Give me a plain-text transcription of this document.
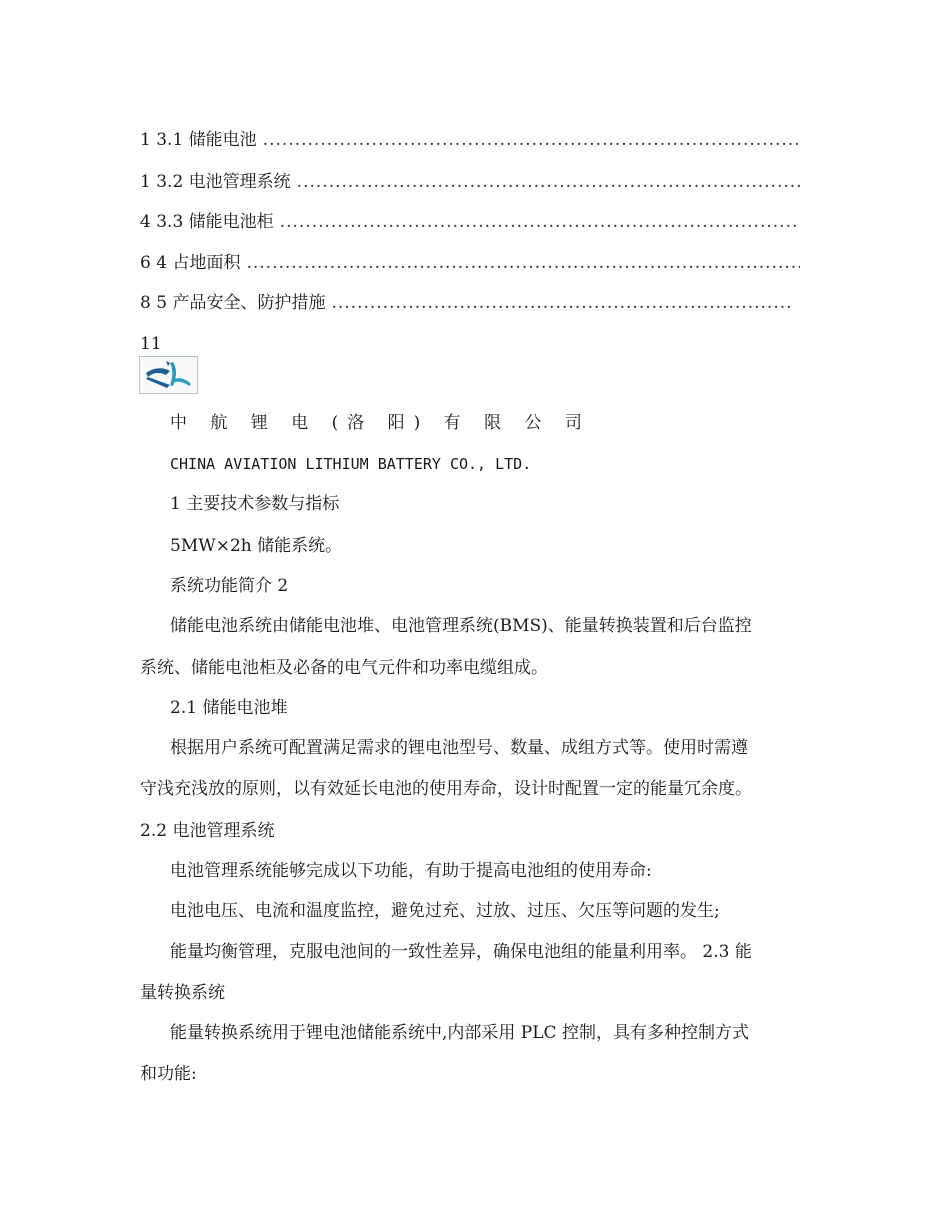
1 3.1 储能电池
.....
1 3.2 电池管理系统
.....
4 3.3 储能电池柜
.....
6 4 占地面积
.....
8 5 产品安全、防护措施
.....
11
中 航 锂 电 (洛 阳) 有 限 公 司
CHINA AVIATION LITHIUM BATTERY CO., LTD.
1 主要技术参数与指标
5MW×2h 储能系统。
系统功能简介 2
储能电池系统由储能电池堆、电池管理系统(BMS)、能量转换装置和后台监控
系统、储能电池柜及必备的电气元件和功率电缆组成。
2.1 储能电池堆
根据用户系统可配置满足需求的锂电池型号、数量、成组方式等。使用时需遵
守浅充浅放的原则，以有效延长电池的使用寿命，设计时配置一定的能量冗余度。
2.2 电池管理系统
电池管理系统能够完成以下功能，有助于提高电池组的使用寿命:
电池电压、电流和温度监控，避免过充、过放、过压、欠压等问题的发生;
能量均衡管理，克服电池间的一致性差异，确保电池组的能量利用率。 2.3 能
量转换系统
能量转换系统用于锂电池储能系统中,内部采用 PLC 控制，具有多种控制方式
和功能:
